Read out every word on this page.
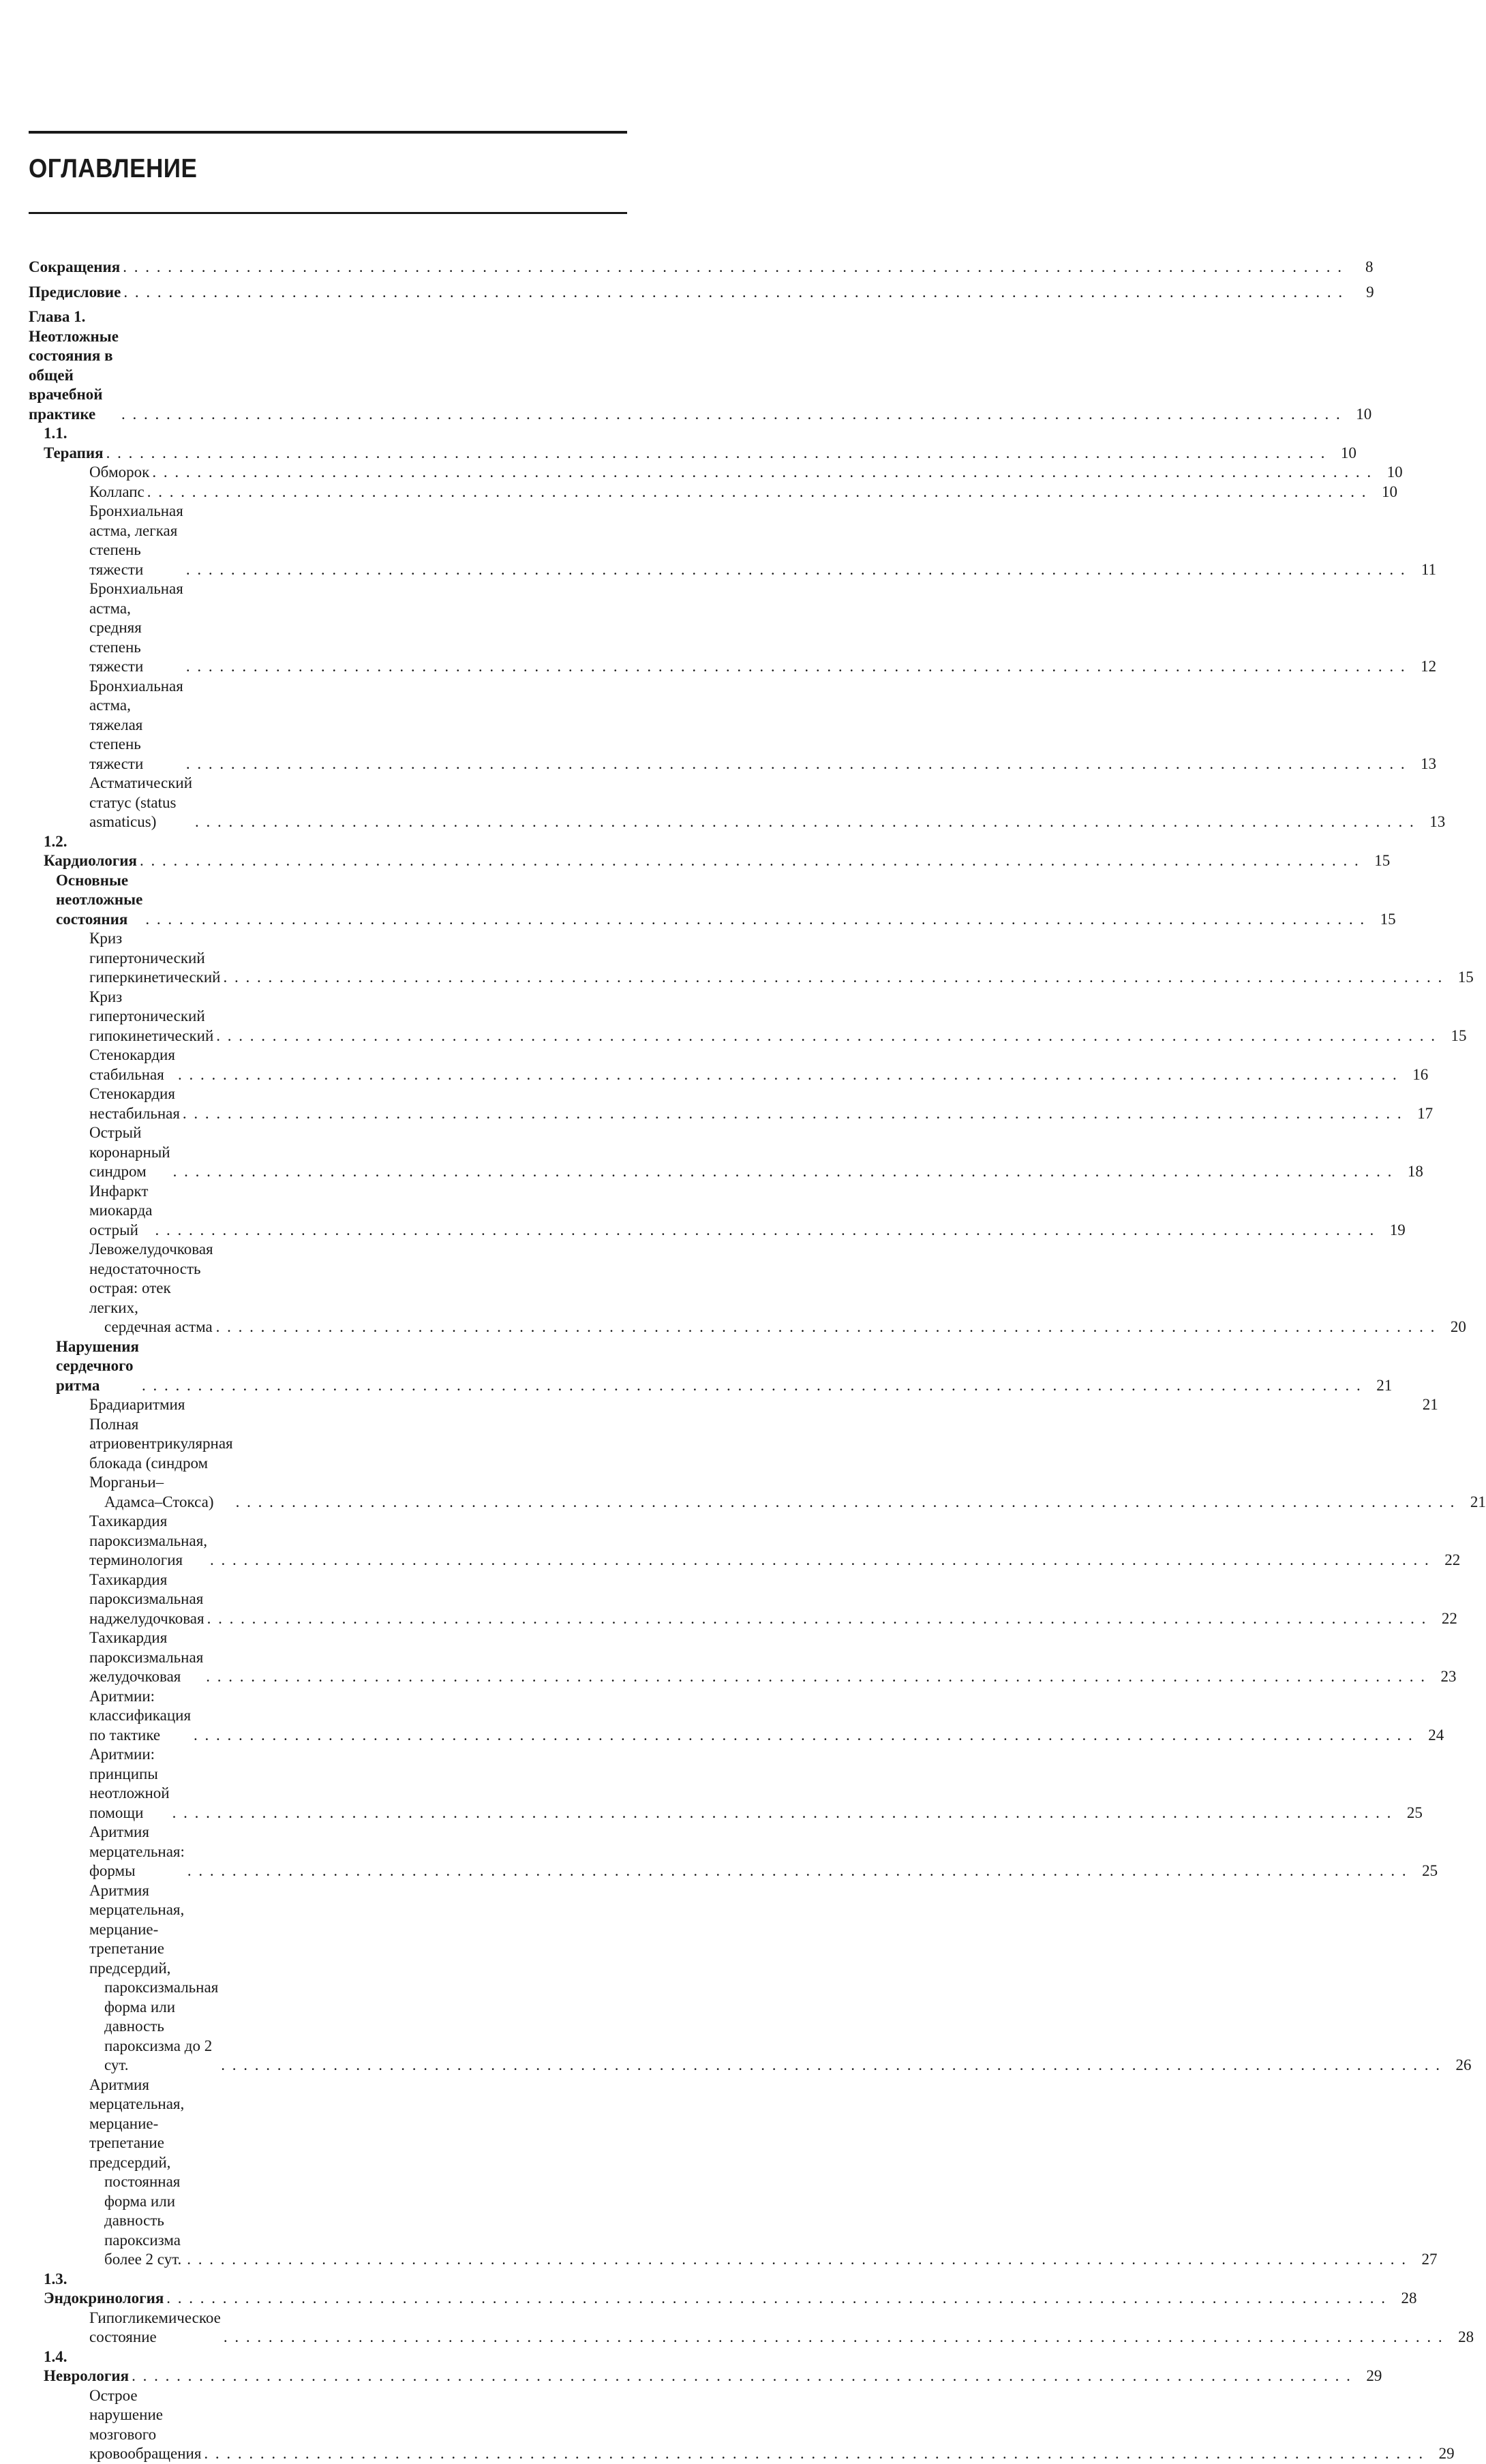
ОГЛАВЛЕНИЕ
Сокращения . . .	8
Предисловие . . .	9
Глава 1. Неотложные состояния в общей врачебной практике . . .	10
1.1. Терапия . . .	10
Обморок . . .	10
Коллапс . . .	10
Бронхиальная астма, легкая степень тяжести . . .	11
Бронхиальная астма, средняя степень тяжести . . .	12
Бронхиальная астма, тяжелая степень тяжести . . .	13
Астматический статус (status asmaticus) . . .	13
1.2. Кардиология . . .	15
Основные неотложные состояния . . .	15
Криз гипертонический гиперкинетический . . .	15
Криз гипертонический гипокинетический . . .	15
Стенокардия стабильная . . .	16
Стенокардия нестабильная . . .	17
Острый коронарный синдром . . .	18
Инфаркт миокарда острый . . .	19
Левожелудочковая недостаточность острая: отек легких,
сердечная астма . . .	20
Нарушения сердечного ритма . . .	21
Брадиаритмия	21
Полная атриовентрикулярная блокада (синдром Морганьи–
Адамса–Стокса) . . .	21
Тахикардия пароксизмальная, терминология . . .	22
Тахикардия пароксизмальная наджелудочковая . . .	22
Тахикардия пароксизмальная желудочковая . . .	23
Аритмии: классификация по тактике . . .	24
Аритмии: принципы неотложной помощи . . .	25
Аритмия мерцательная: формы . . .	25
Аритмия мерцательная, мерцание-трепетание предсердий,
пароксизмальная форма или давность пароксизма до 2 сут. . . .	26
Аритмия мерцательная, мерцание-трепетание предсердий,
постоянная форма или давность пароксизма более 2 сут. . . .	27
1.3. Эндокринология . . .	28
Гипогликемическое состояние . . .	28
1.4. Неврология . . .	29
Острое нарушение мозгового кровообращения . . .	29
